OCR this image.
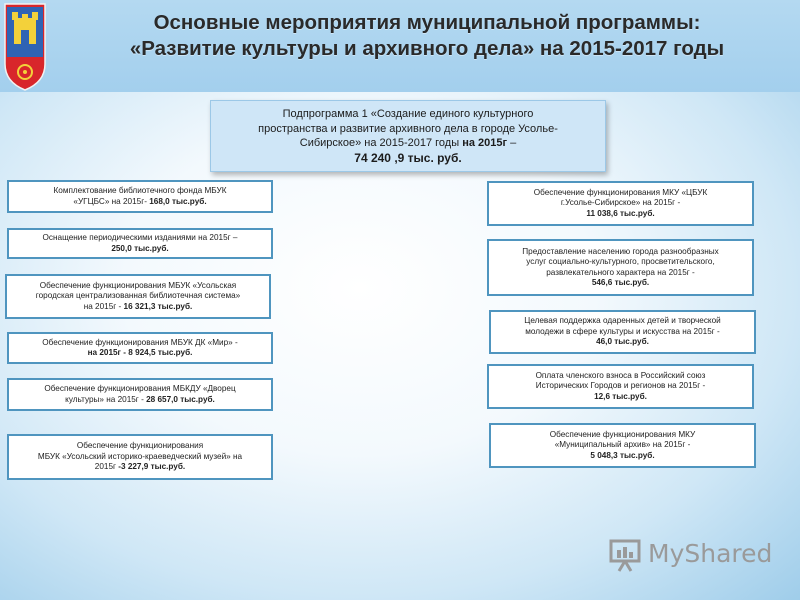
Основные мероприятия муниципальной программы:
«Развитие культуры и архивного дела» на 2015-2017 годы
Подпрограмма 1 «Создание единого культурного
пространства и развитие архивного дела в городе Усолье-
Сибирское» на 2015-2017 годы на 2015г –
74 240 ,9 тыс. руб.
Комплектование библиотечного фонда МБУК
«УГЦБС» на 2015г- 168,0 тыс.руб.
Оснащение периодическими изданиями на 2015г –
250,0 тыс.руб.
Обеспечение функционирования МБУК «Усольская
городская централизованная библиотечная система»
на 2015г - 16 321,3 тыс.руб.
Обеспечение функционирования МБУК ДК «Мир» -
на 2015г - 8 924,5 тыс.руб.
Обеспечение функционирования МБКДУ «Дворец
культуры» на 2015г - 28 657,0 тыс.руб.
Обеспечение функционирования
МБУК «Усольский историко-краеведческий музей» на
2015г -3 227,9 тыс.руб.
Обеспечение функционирования МКУ «ЦБУК
г.Усолье-Сибирское» на 2015г -
11 038,6 тыс.руб.
Предоставление населению города разнообразных
услуг социально-культурного, просветительского,
развлекательного характера на 2015г -
546,6 тыс.руб.
Целевая поддержка одаренных детей и творческой
молодежи в сфере культуры и искусства на 2015г -
46,0 тыс.руб.
Оплата членского взноса в Российский союз
Исторических Городов и регионов на 2015г -
12,6 тыс.руб.
Обеспечение функционирования МКУ
«Муниципальный архив» на 2015г -
5 048,3 тыс.руб.
MyShared
